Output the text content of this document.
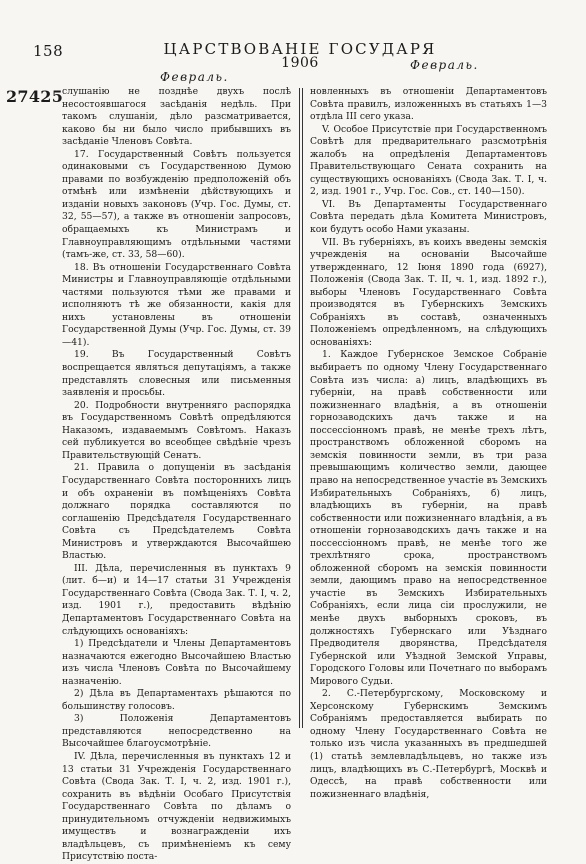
158	ЦАРСТВОВАНІЕ ГОСУДАРЯ
1906
Февраль.
Февраль.
27425

слушанію не позднѣе двухъ послѣ несостоявшагося засѣданія недѣль. При такомъ слушаніи, дѣло разсматривается, каково бы ни было число прибывшихъ въ засѣданіе Членовъ Совѣта.

17. Государственный Совѣтъ пользуется одинаковыми съ Государственною Думою правами по возбужденію предположеній объ отмѣнѣ или измѣненіи дѣйствующихъ и изданіи новыхъ законовъ (Учр. Гос. Думы, ст. 32, 55—57), а также въ отношеніи запросовъ, обращаемыхъ къ Министрамъ и Главноуправляющимъ отдѣльными частями (тамъ-же, ст. 33, 58—60).

18. Въ отношеніи Государственнаго Совѣта Министры и Главноуправляющіе отдѣльными частями пользуются тѣми же правами и исполняютъ тѣ же обязанности, какія для нихъ установлены въ отношеніи Государственной Думы (Учр. Гос. Думы, ст. 39—41).

19. Въ Государственный Совѣтъ воспрещается являться депутаціямъ, а также представлять словесныя или письменныя заявленія и просьбы.

20. Подробности внутренняго распорядка въ Государственномъ Совѣтѣ опредѣляются Наказомъ, издаваемымъ Совѣтомъ. Наказъ сей публикуется во всеобщее свѣдѣніе чрезъ Правительствующій Сенатъ.

21. Правила о допущеніи въ засѣданія Государственнаго Совѣта постороннихъ лицъ и объ охраненіи въ помѣщеніяхъ Совѣта должнаго порядка составляются по соглашенію Предсѣдателя Государственнаго Совѣта съ Предсѣдателемъ Совѣта Министровъ и утверждаются Высочайшею Властью.

III. Дѣла, перечисленныя въ пунктахъ 9 (лит. б—и) и 14—17 статьи 31 Учрежденія Государственнаго Совѣта (Свода Зак. Т. I, ч. 2, изд. 1901 г.), предоставить вѣдѣнію Департаментовъ Государственнаго Совѣта на слѣдующихъ основаніяхъ:

1) Предсѣдатели и Члены Департаментовъ назначаются ежегодно Высочайшею Властью изъ числа Членовъ Совѣта по Высочайшему назначенію.

2) Дѣла въ Департаментахъ рѣшаются по большинству голосовъ.

3) Положенія Департаментовъ представляются непосредственно на Высочайшее благоусмотрѣніе.

IV. Дѣла, перечисленныя въ пунктахъ 12 и 13 статьи 31 Учрежденія Государственнаго Совѣта (Свода Зак. Т. I, ч. 2, изд. 1901 г.), сохранить въ вѣдѣніи Особаго Присутствія Государственнаго Совѣта по дѣламъ о принудительномъ отчужденіи недвижимыхъ имуществъ и вознагражденіи ихъ владѣльцевъ, съ примѣненіемъ къ сему Присутствію поста-

новленныхъ въ отношеніи Департаментовъ Совѣта правилъ, изложенныхъ въ статьяхъ 1—3 отдѣла III сего указа.

V. Особое Присутствіе при Государственномъ Совѣтѣ для предварительнаго разсмотрѣнія жалобъ на опредѣленія Департаментовъ Правительствующаго Сената сохранить на существующихъ основаніяхъ (Свода Зак. Т. I, ч. 2, изд. 1901 г., Учр. Гос. Сов., ст. 140—150).

VI. Въ Департаменты Государственнаго Совѣта передать дѣла Комитета Министровъ, кои будутъ особо Нами указаны.

VII. Въ губерніяхъ, въ коихъ введены земскія учрежденія на основаніи Высочайше утвержденнаго, 12 Іюня 1890 года (6927), Положенія (Свода Зак. Т. II, ч. 1, изд. 1892 г.), выборы Членовъ Государственнаго Совѣта производятся въ Губернскихъ Земскихъ Собраніяхъ въ составѣ, означенныхъ Положеніемъ опредѣленномъ, на слѣдующихъ основаніяхъ:

1. Каждое Губернское Земское Собраніе выбираетъ по одному Члену Государственнаго Совѣта изъ числа: а) лицъ, владѣющихъ въ губерніи, на правѣ собственности или пожизненнаго владѣнія, а въ отношеніи горнозаводскихъ дачъ также и на поссессіонномъ правѣ, не менѣе трехъ лѣтъ, пространствомъ обложенной сборомъ на земскія повинности земли, въ три раза превышающимъ количество земли, дающее право на непосредственное участіе въ Земскихъ Избирательныхъ Собраніяхъ, б) лицъ, владѣющихъ въ губерніи, на правѣ собственности или пожизненнаго владѣнія, а въ отношеніи горнозаводскихъ дачъ также и на поссессіонномъ правѣ, не менѣе того же трехлѣтняго срока, пространствомъ обложенной сборомъ на земскія повинности земли, дающимъ право на непосредственное участіе въ Земскихъ Избирательныхъ Собраніяхъ, если лица сіи прослужили, не менѣе двухъ выборныхъ сроковъ, въ должностяхъ Губернскаго или Уѣзднаго Предводителя дворянства, Предсѣдателя Губернской или Уѣздной Земской Управы, Городского Головы или Почетнаго по выборамъ Мирового Судьи.

2. С.-Петербургскому, Московскому и Херсонскому Губернскимъ Земскимъ Собраніямъ предоставляется выбирать по одному Члену Государственнаго Совѣта не только изъ числа указанныхъ въ предшедшей (1) статьѣ землевладѣльцевъ, но также изъ лицъ, владѣющихъ въ С.-Петербургѣ, Москвѣ и Одессѣ, на правѣ собственности или пожизненнаго владѣнія,
